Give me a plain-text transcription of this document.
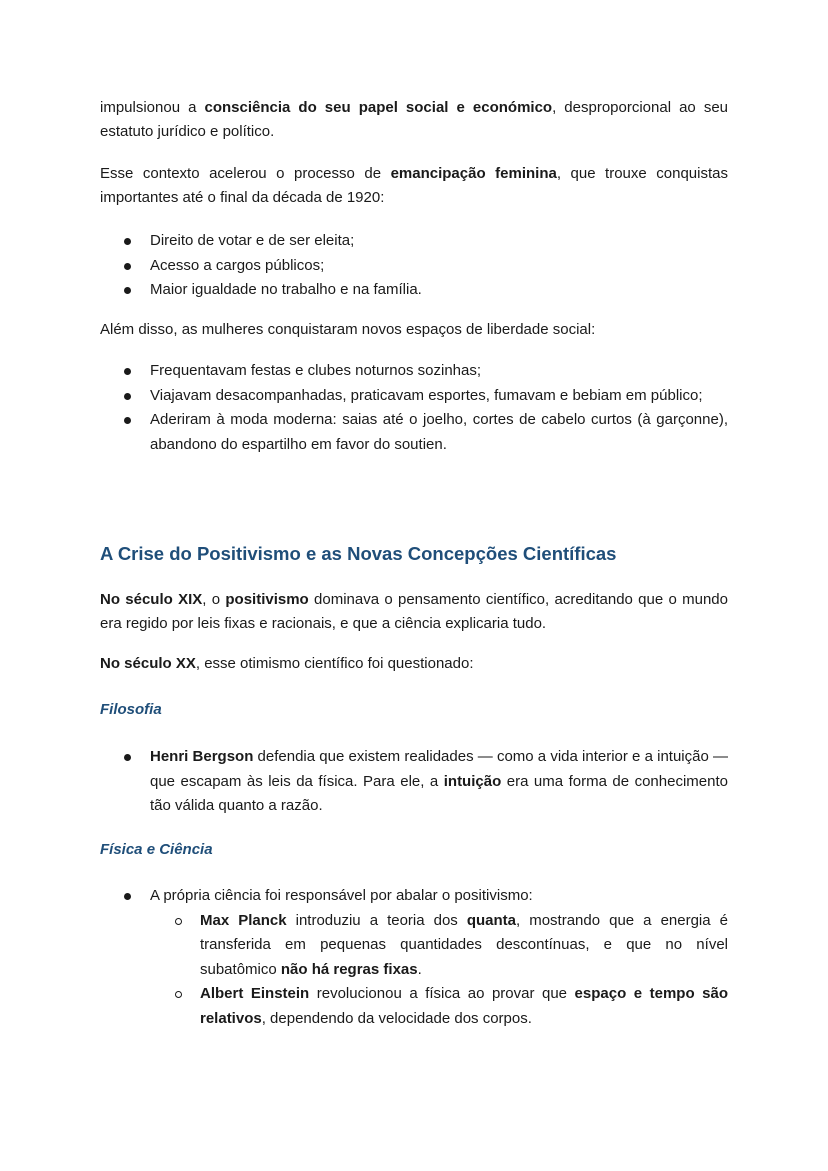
impulsionou a consciência do seu papel social e económico, desproporcional ao seu estatuto jurídico e político.

Esse contexto acelerou o processo de emancipação feminina, que trouxe conquistas importantes até o final da década de 1920:

Direito de votar e de ser eleita;
Acesso a cargos públicos;
Maior igualdade no trabalho e na família.

Além disso, as mulheres conquistaram novos espaços de liberdade social:

Frequentavam festas e clubes noturnos sozinhas;
Viajavam desacompanhadas, praticavam esportes, fumavam e bebiam em público;
Aderiram à moda moderna: saias até o joelho, cortes de cabelo curtos (à garçonne), abandono do espartilho em favor do soutien.
A Crise do Positivismo e as Novas Concepções Científicas

No século XIX, o positivismo dominava o pensamento científico, acreditando que o mundo era regido por leis fixas e racionais, e que a ciência explicaria tudo.

No século XX, esse otimismo científico foi questionado:

Filosofia
Henri Bergson defendia que existem realidades — como a vida interior e a intuição — que escapam às leis da física. Para ele, a intuição era uma forma de conhecimento tão válida quanto a razão.
Física e Ciência
A própria ciência foi responsável por abalar o positivismo:
Max Planck introduziu a teoria dos quanta, mostrando que a energia é transferida em pequenas quantidades descontínuas, e que no nível subatômico não há regras fixas.
Albert Einstein revolucionou a física ao provar que espaço e tempo são relativos, dependendo da velocidade dos corpos.
